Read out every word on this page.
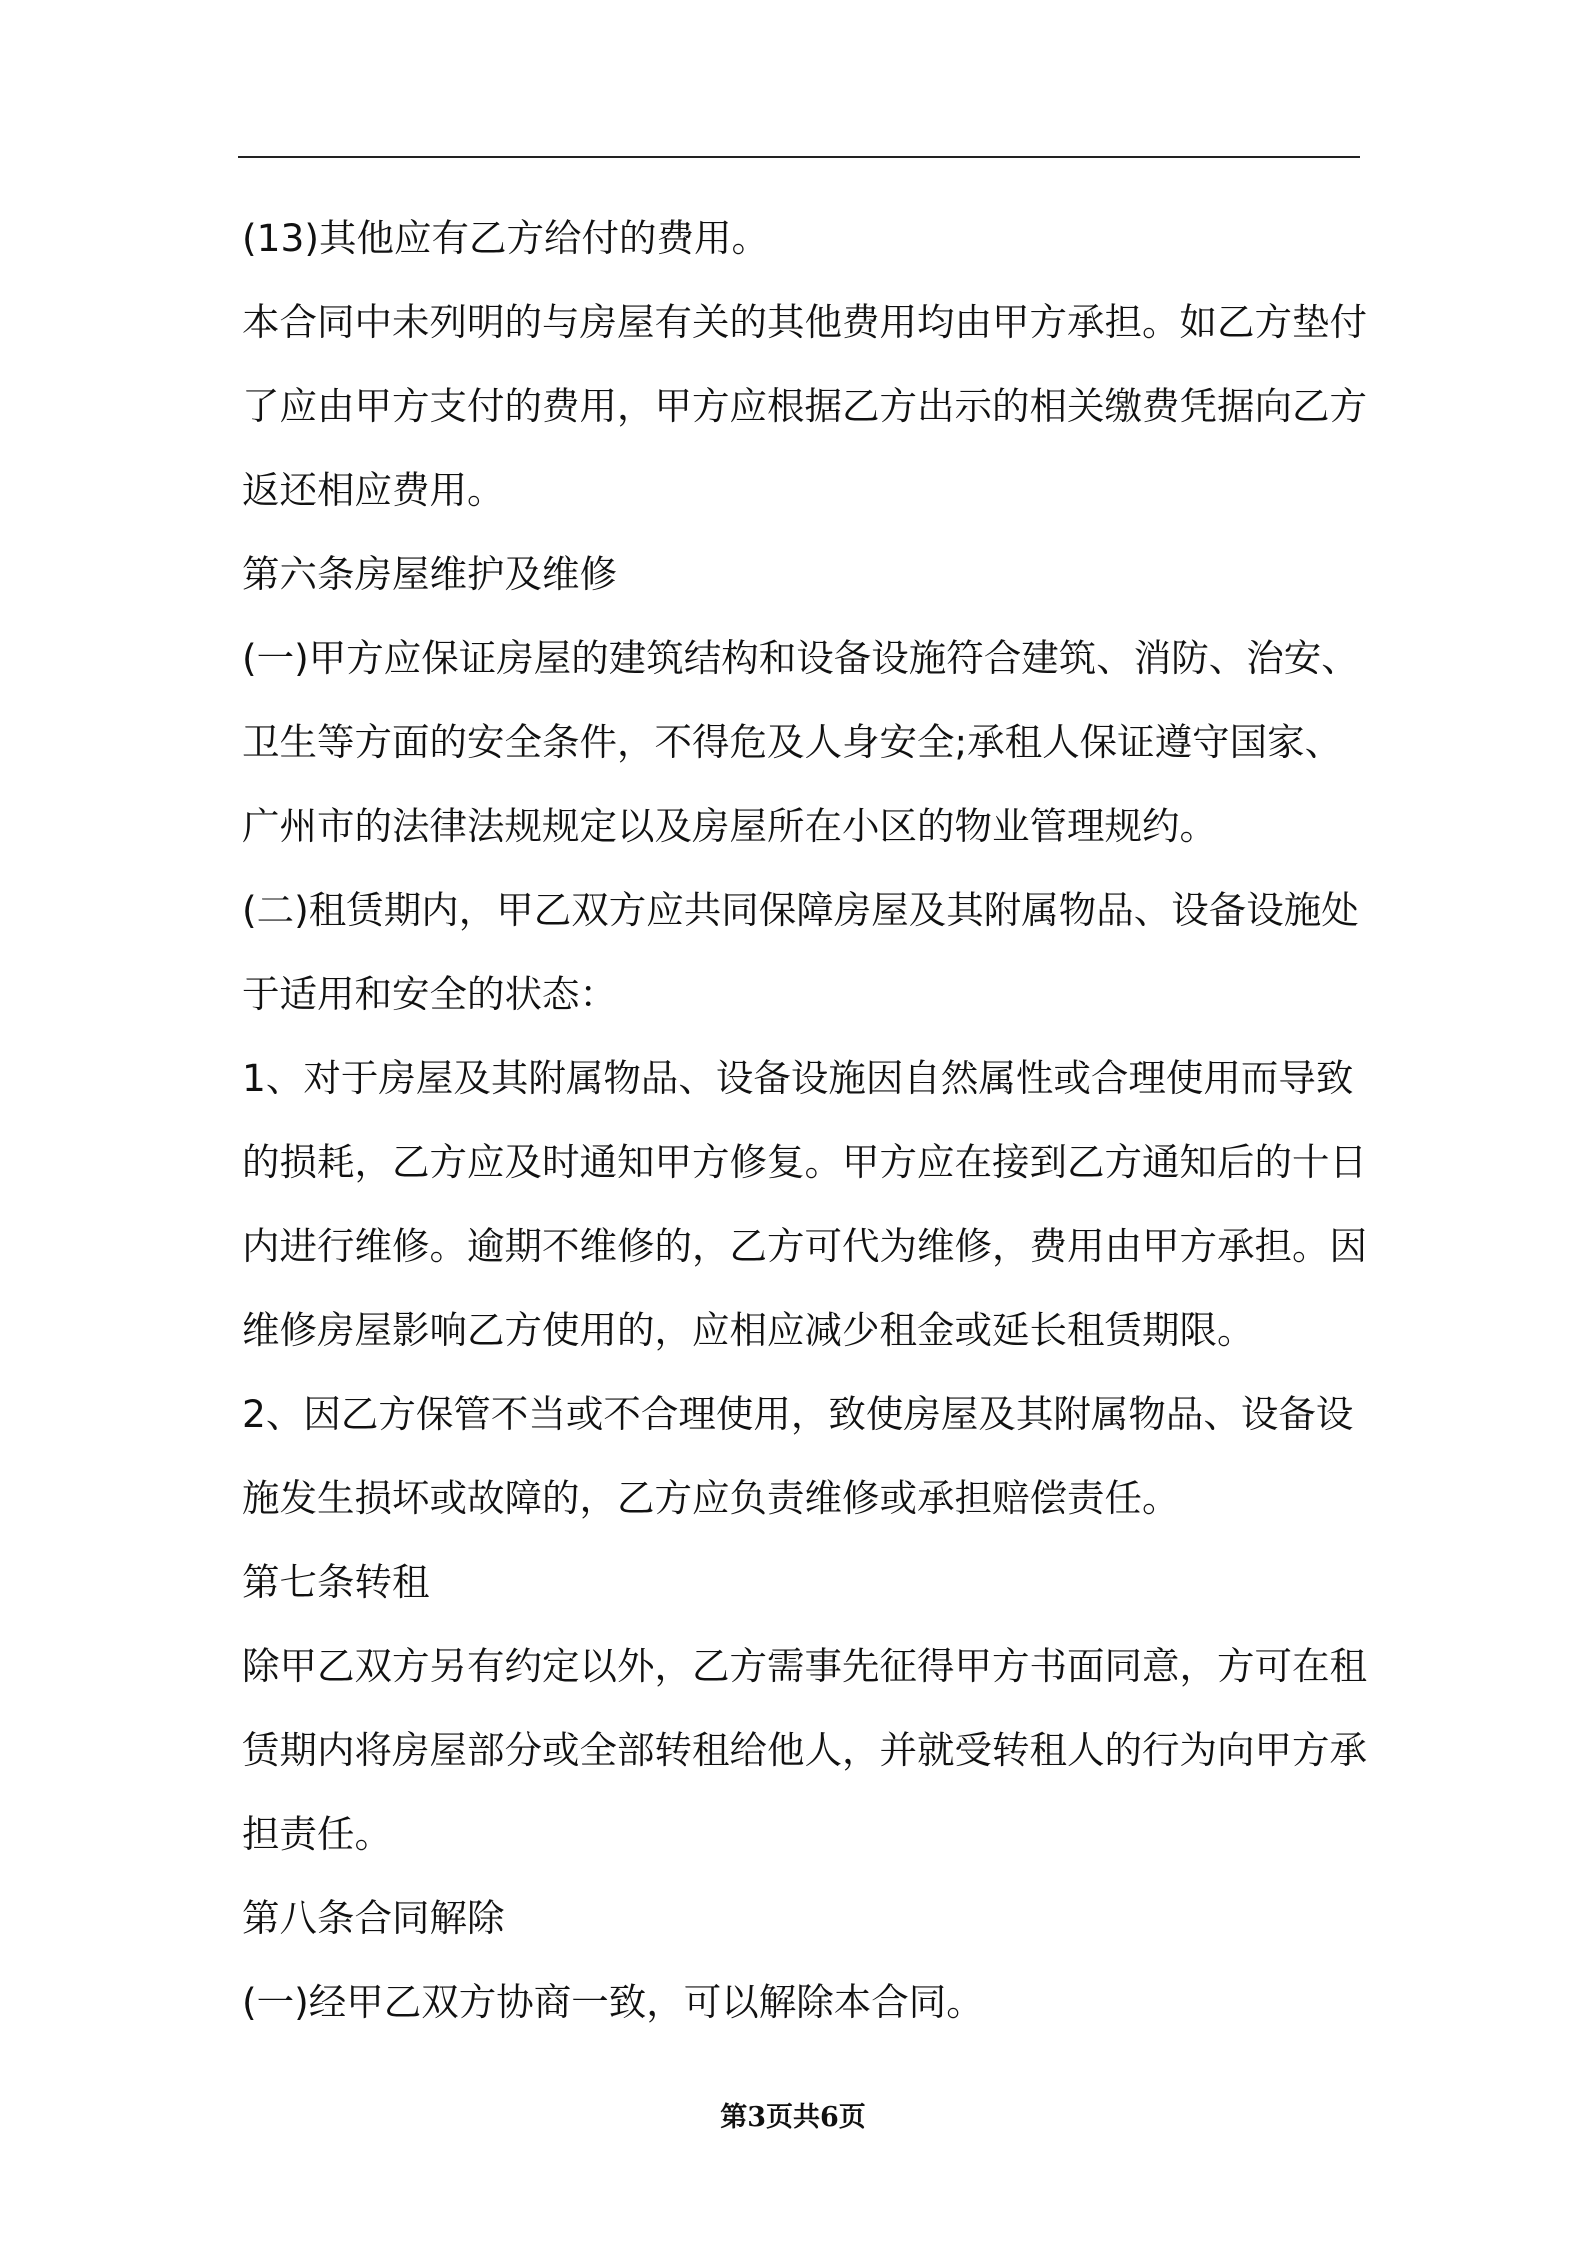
(13)其他应有乙方给付的费用。
本合同中未列明的与房屋有关的其他费用均由甲方承担。如乙方垫付
了应由甲方支付的费用，甲方应根据乙方出示的相关缴费凭据向乙方
返还相应费用。
第六条房屋维护及维修
(一)甲方应保证房屋的建筑结构和设备设施符合建筑、消防、治安、
卫生等方面的安全条件，不得危及人身安全;承租人保证遵守国家、
广州市的法律法规规定以及房屋所在小区的物业管理规约。
(二)租赁期内，甲乙双方应共同保障房屋及其附属物品、设备设施处
于适用和安全的状态：
1、对于房屋及其附属物品、设备设施因自然属性或合理使用而导致
的损耗，乙方应及时通知甲方修复。甲方应在接到乙方通知后的十日
内进行维修。逾期不维修的，乙方可代为维修，费用由甲方承担。因
维修房屋影响乙方使用的，应相应减少租金或延长租赁期限。
2、因乙方保管不当或不合理使用，致使房屋及其附属物品、设备设
施发生损坏或故障的，乙方应负责维修或承担赔偿责任。
第七条转租
除甲乙双方另有约定以外，乙方需事先征得甲方书面同意，方可在租
赁期内将房屋部分或全部转租给他人，并就受转租人的行为向甲方承
担责任。
第八条合同解除
(一)经甲乙双方协商一致，可以解除本合同。
第3页共6页
